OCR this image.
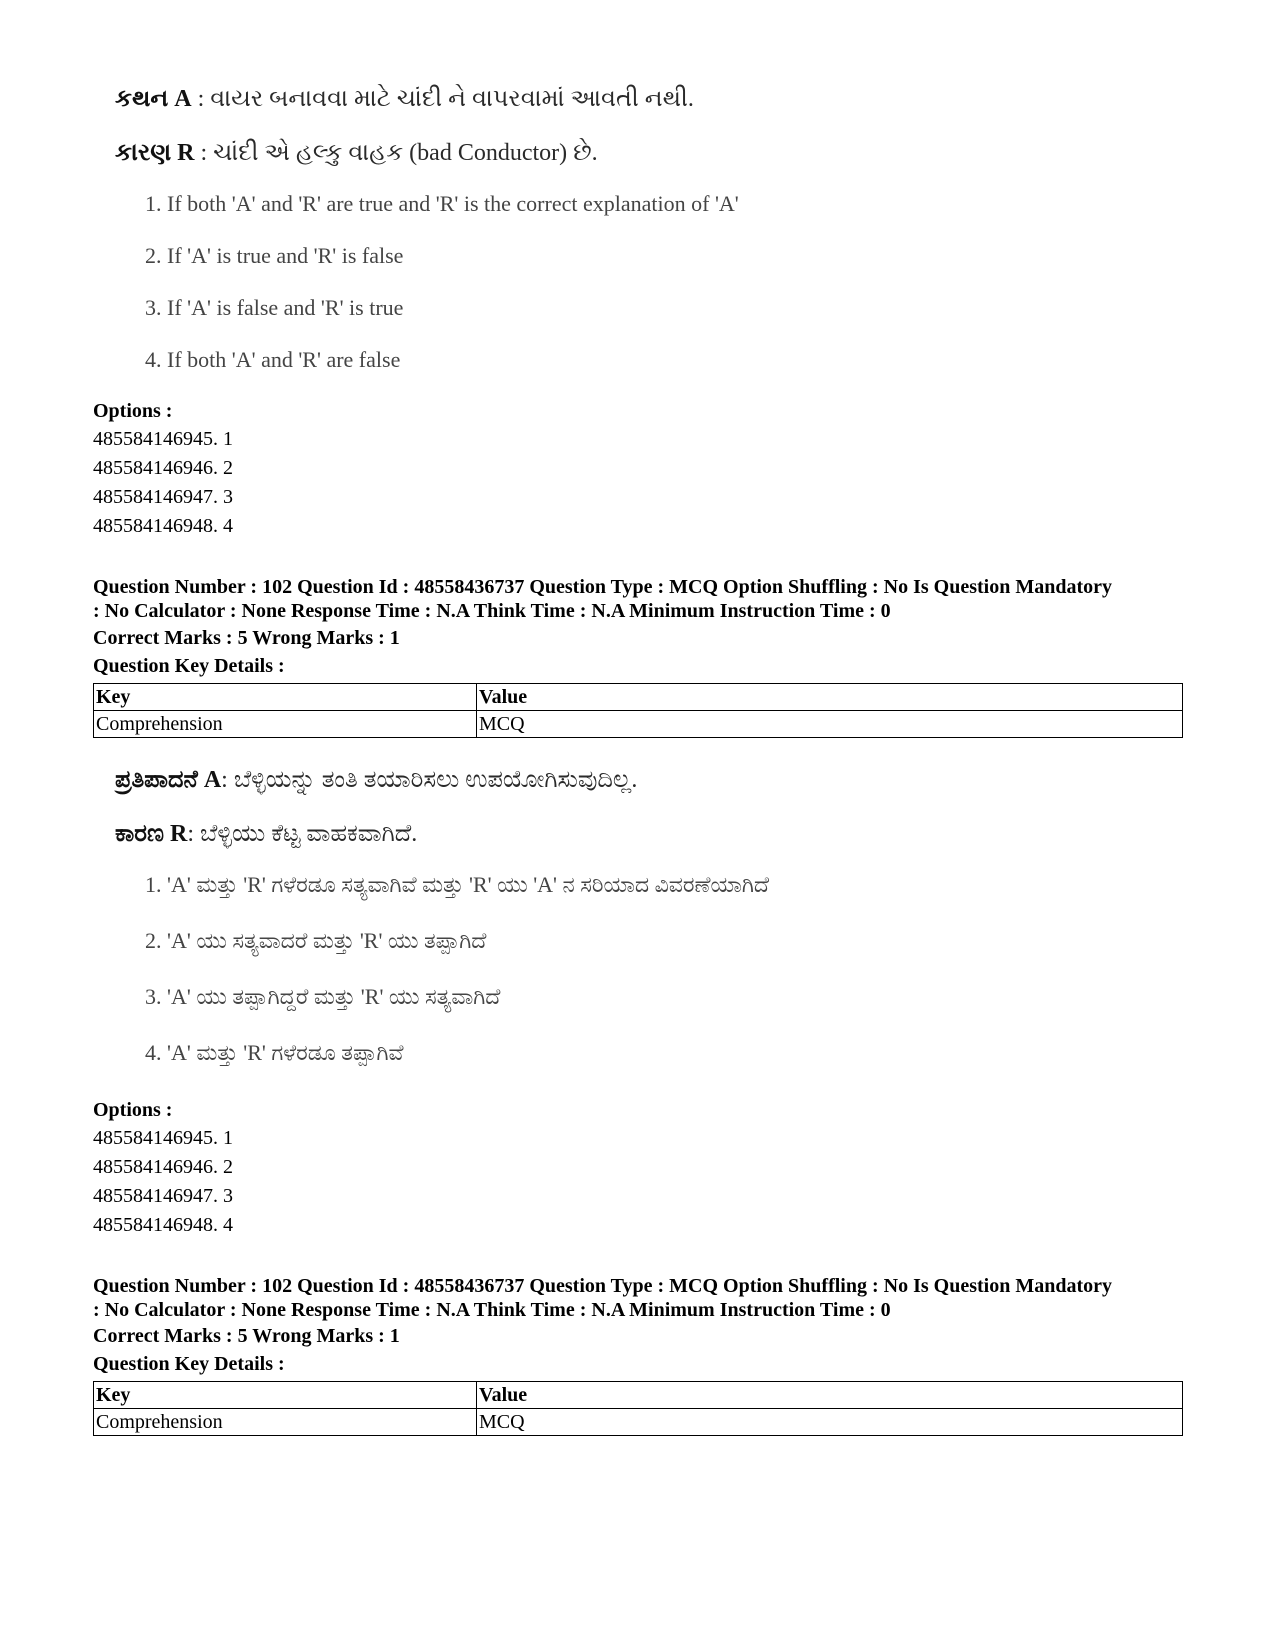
કથન A : વાયર બનાવવા માટે ચાંદી ને વાપરવામાં આવતી નથી.
કારણ R : ચાંદી એ હલ્કુ વાહક (bad Conductor) છે.
1. If both 'A' and 'R' are true and 'R' is the correct explanation of 'A'
2. If 'A' is true and 'R' is false
3. If 'A' is false and 'R' is true
4. If both 'A' and 'R' are false
Options :
485584146945. 1
485584146946. 2
485584146947. 3
485584146948. 4
Question Number : 102 Question Id : 48558436737 Question Type : MCQ Option Shuffling : No Is Question Mandatory
: No Calculator : None Response Time : N.A Think Time : N.A Minimum Instruction Time : 0
Correct Marks : 5 Wrong Marks : 1
Question Key Details :
Key	Value
Comprehension	MCQ
ಪ್ರತಿಪಾದನೆ A: ಬೆಳ್ಳಿಯನ್ನು ತಂತಿ ತಯಾರಿಸಲು ಉಪಯೋಗಿಸುವುದಿಲ್ಲ.
ಕಾರಣ R: ಬೆಳ್ಳಿಯು ಕೆಟ್ಟ ವಾಹಕವಾಗಿದೆ.
1. 'A' ಮತ್ತು 'R' ಗಳೆರಡೂ ಸತ್ಯವಾಗಿವೆ ಮತ್ತು 'R' ಯು 'A' ನ ಸರಿಯಾದ ವಿವರಣೆಯಾಗಿದೆ
2. 'A' ಯು ಸತ್ಯವಾದರೆ ಮತ್ತು 'R' ಯು ತಪ್ಪಾಗಿದೆ
3. 'A' ಯು ತಪ್ಪಾಗಿದ್ದರೆ ಮತ್ತು 'R' ಯು ಸತ್ಯವಾಗಿದೆ
4. 'A' ಮತ್ತು 'R' ಗಳೆರಡೂ ತಪ್ಪಾಗಿವೆ
Options :
485584146945. 1
485584146946. 2
485584146947. 3
485584146948. 4
Question Number : 102 Question Id : 48558436737 Question Type : MCQ Option Shuffling : No Is Question Mandatory
: No Calculator : None Response Time : N.A Think Time : N.A Minimum Instruction Time : 0
Correct Marks : 5 Wrong Marks : 1
Question Key Details :
Key	Value
Comprehension	MCQ
